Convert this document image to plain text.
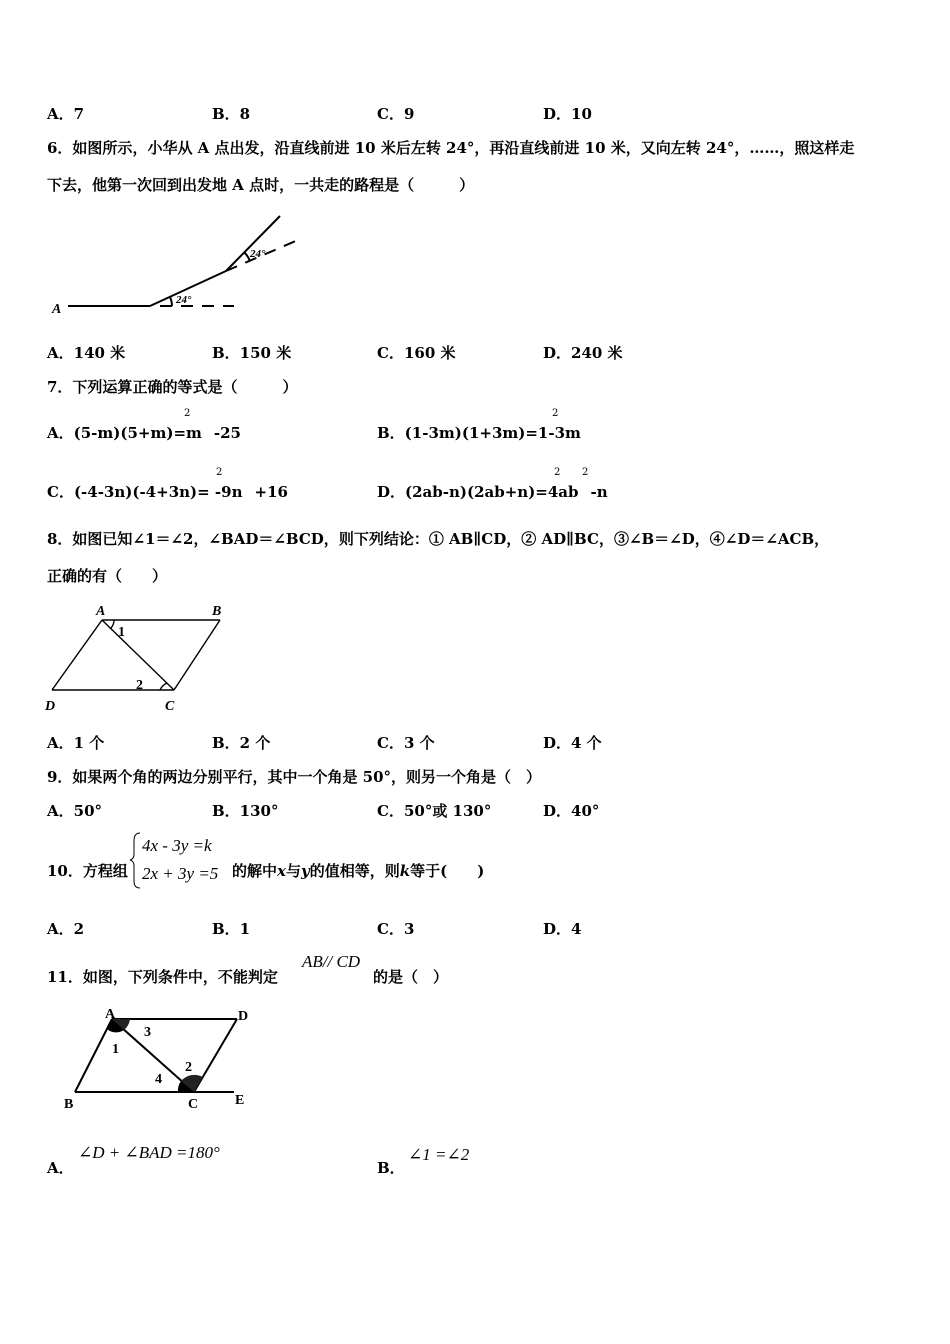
A．7	B．8	C．9	D．10
6．如图所示，小华从 A 点出发，沿直线前进 10 米后左转 24°，再沿直线前进 10 米，又向左转 24°，……，照这样走
下去，他第一次回到出发地 A 点时，一共走的路程是（　　　）
A
24°
24°
A．140 米	B．150 米	C．160 米	D．240 米
7．下列运算正确的等式是（　　　）
A．(5-m)(5+m)=m -25
2
B．(1-3m)(1+3m)=1-3m
2
C．(-4-3n)(-4+3n)= -9n +16
2
D．(2ab-n)(2ab+n)=4ab -n
2 2
8．如图已知∠1＝∠2，∠BAD＝∠BCD，则下列结论：① AB∥CD，② AD∥BC，③∠B＝∠D，④∠D＝∠ACB，
正确的有（　　）
A	B
C
D
1
2
A．1 个	B．2 个	C．3 个	D．4 个
9．如果两个角的两边分别平行，其中一个角是 50°，则另一个角是（　）
A．50°	B．130°	C．50°或 130°	D．40°
10．方程组
4x - 3y =k
2x + 3y =5 的解中x与y的值相等，则k等于(　　)
A．2	B．1	C．3	D．4
11．如图，下列条件中，不能判定
AB// CD
的是（　）
A	D
B	C	E
1
2
3
4
A．
∠D + ∠BAD =180°
B．
∠1 =∠2
